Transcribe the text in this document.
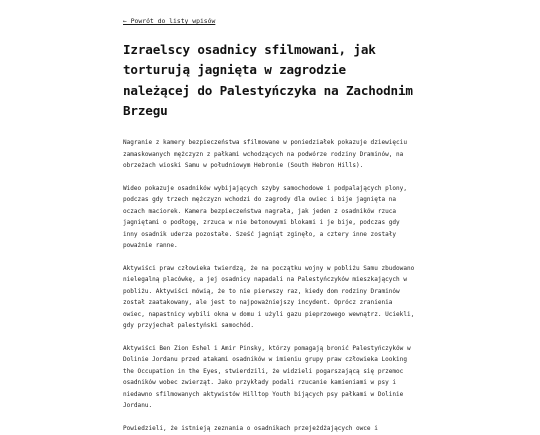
← Powrót do listy wpisów
Izraelscy osadnicy sfilmowani, jak torturują jagnięta w zagrodzie należącej do Palestyńczyka na Zachodnim Brzegu

Nagranie z kamery bezpieczeństwa sfilmowane w poniedziałek pokazuje dziewięciu zamaskowanych mężczyzn z pałkami wchodzących na podwórze rodziny Draminów, na obrzeżach wioski Samu w południowym Hebronie (South Hebron Hills).

Wideo pokazuje osadników wybijających szyby samochodowe i podpalających plony, podczas gdy trzech mężczyzn wchodzi do zagrody dla owiec i bije jagnięta na oczach maciorek. Kamera bezpieczeństwa nagrała, jak jeden z osadników rzuca jagniętami o podłogę, zrzuca w nie betonowymi blokami i je bije, podczas gdy inny osadnik uderza pozostałe. Sześć jagniąt zginęło, a cztery inne zostały poważnie ranne.

Aktywiści praw człowieka twierdzą, że na początku wojny w pobliżu Samu zbudowano nielegalną placówkę, a jej osadnicy napadali na Palestyńczyków mieszkających w pobliżu. Aktywiści mówią, że to nie pierwszy raz, kiedy dom rodziny Draminów został zaatakowany, ale jest to najpoważniejszy incydent. Oprócz zranienia owiec, napastnicy wybili okna w domu i użyli gazu pieprzowego wewnątrz. Uciekli, gdy przyjechał palestyński samochód.

Aktywiści Ben Zion Eshel i Amir Pinsky, którzy pomagają bronić Palestyńczyków w Dolinie Jordanu przed atakami osadników w imieniu grupy praw człowieka Looking the Occupation in the Eyes, stwierdzili, że widzieli pogarszającą się przemoc osadników wobec zwierząt. Jako przykłady podali rzucanie kamieniami w psy i niedawno sfilmowanych aktywistów Hilltop Youth bijących psy pałkami w Dolinie Jordanu.

Powiedzieli, że istnieją zeznania o osadnikach przejeżdżających owce i
